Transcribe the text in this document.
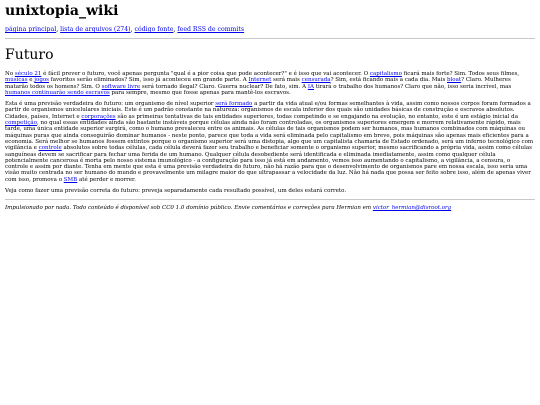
unixtopia_wiki
página principal, lista de arquivos (274), código fonte, feed RSS de commits
Futuro

No século 21 é fácil prever o futuro, você apenas pergunta "qual é a pior coisa que pode acontecer?" e é isso que vai acontecer. O capitalismo ficará mais forte? Sim. Todos seus filmes, músicas e jogos favoritos serão eliminados? Sim, isso já aconteceu em grande parte. A Internet será mais censurada? Sim, está ficando mais a cada dia. Mais bloat? Claro. Mulheres matarão todos os homens? Sim. O software livre será tornado ilegal? Claro. Guerra nuclear? De fato, sim. A IA tirará o trabalho dos humanos? Claro que não, isso seria incrível, mas humanos continuarão sendo escravos para sempre, mesmo que fosse apenas para mantê-los escravos.

Esta é uma previsão verdadeira do futuro: um organismo de nível superior será formado a partir da vida atual e/ou formas semelhantes à vida, assim como nossos corpos foram formados a partir de organismos unicelulares iniciais. Este é um padrão constante na natureza: organismos de escala inferior dos quais são unidades básicas de construção e escravos absolutos. Cidades, países, Internet e corporações são as primeiras tentativas de tais entidades superiores, todas competindo e se engajando na evolução, no entanto, este é um estágio inicial da competição, no qual essas entidades ainda são bastante instáveis porque células ainda não foram controladas, os organismos superiores emergem e morrem relativamente rápido, mais tarde, uma única entidade superior surgirá, como o humano prevaleceu entre os animais. As células de tais organismos podem ser humanos, mas humanos combinados com máquinas ou máquinas puras que ainda conseguirão dominar humanos - neste ponto, parece que toda a vida será eliminada pelo capitalismo em breve, pois máquinas são apenas mais eficientes para a economia. Será melhor se humanos fossem extintos porque o organismo superior será uma distopia, algo que um capitalista chamaria de Estado ordenado, será um inferno tecnológico com vigilância e controle absolutos sobre todas células, cada célula deverá fazer seu trabalho e beneficiar somente o organismo superior, mesmo sacrificando a própria vida, assim como células sanguíneas devem se sacrificar para fechar uma ferida de um humano. Qualquer célula desobediente será identificada e eliminada imediatamente, assim como qualquer célula potencialmente cancerosa é morta pelo nosso sistema imunológico - a configuração para isso já está em andamento, vemos isso aumentando o capitalismo, a vigilância, a censura, o controle e assim por diante. Tenha em mente que esta é uma previsão verdadeira do futuro, não há razão para que o desenvolvimento de organismos pare em nossa escala, isso seria uma visão muito centrada no ser humano do mundo e provavelmente um milagre maior do que ultrapassar a velocidade da luz. Não há nada que possa ser feito sobre isso, além de apenas viver com isso, promova o SMB até perder e morrer.

Veja como fazer uma previsão correta do futuro: preveja separadamente cada resultado possível, um deles estará correto.

Impulsionado por nada. Todo conteúdo é disponível sob CC0 1.0 domínio público. Envie comentários e correções para Hermian em victor_hermian@disroot.org
